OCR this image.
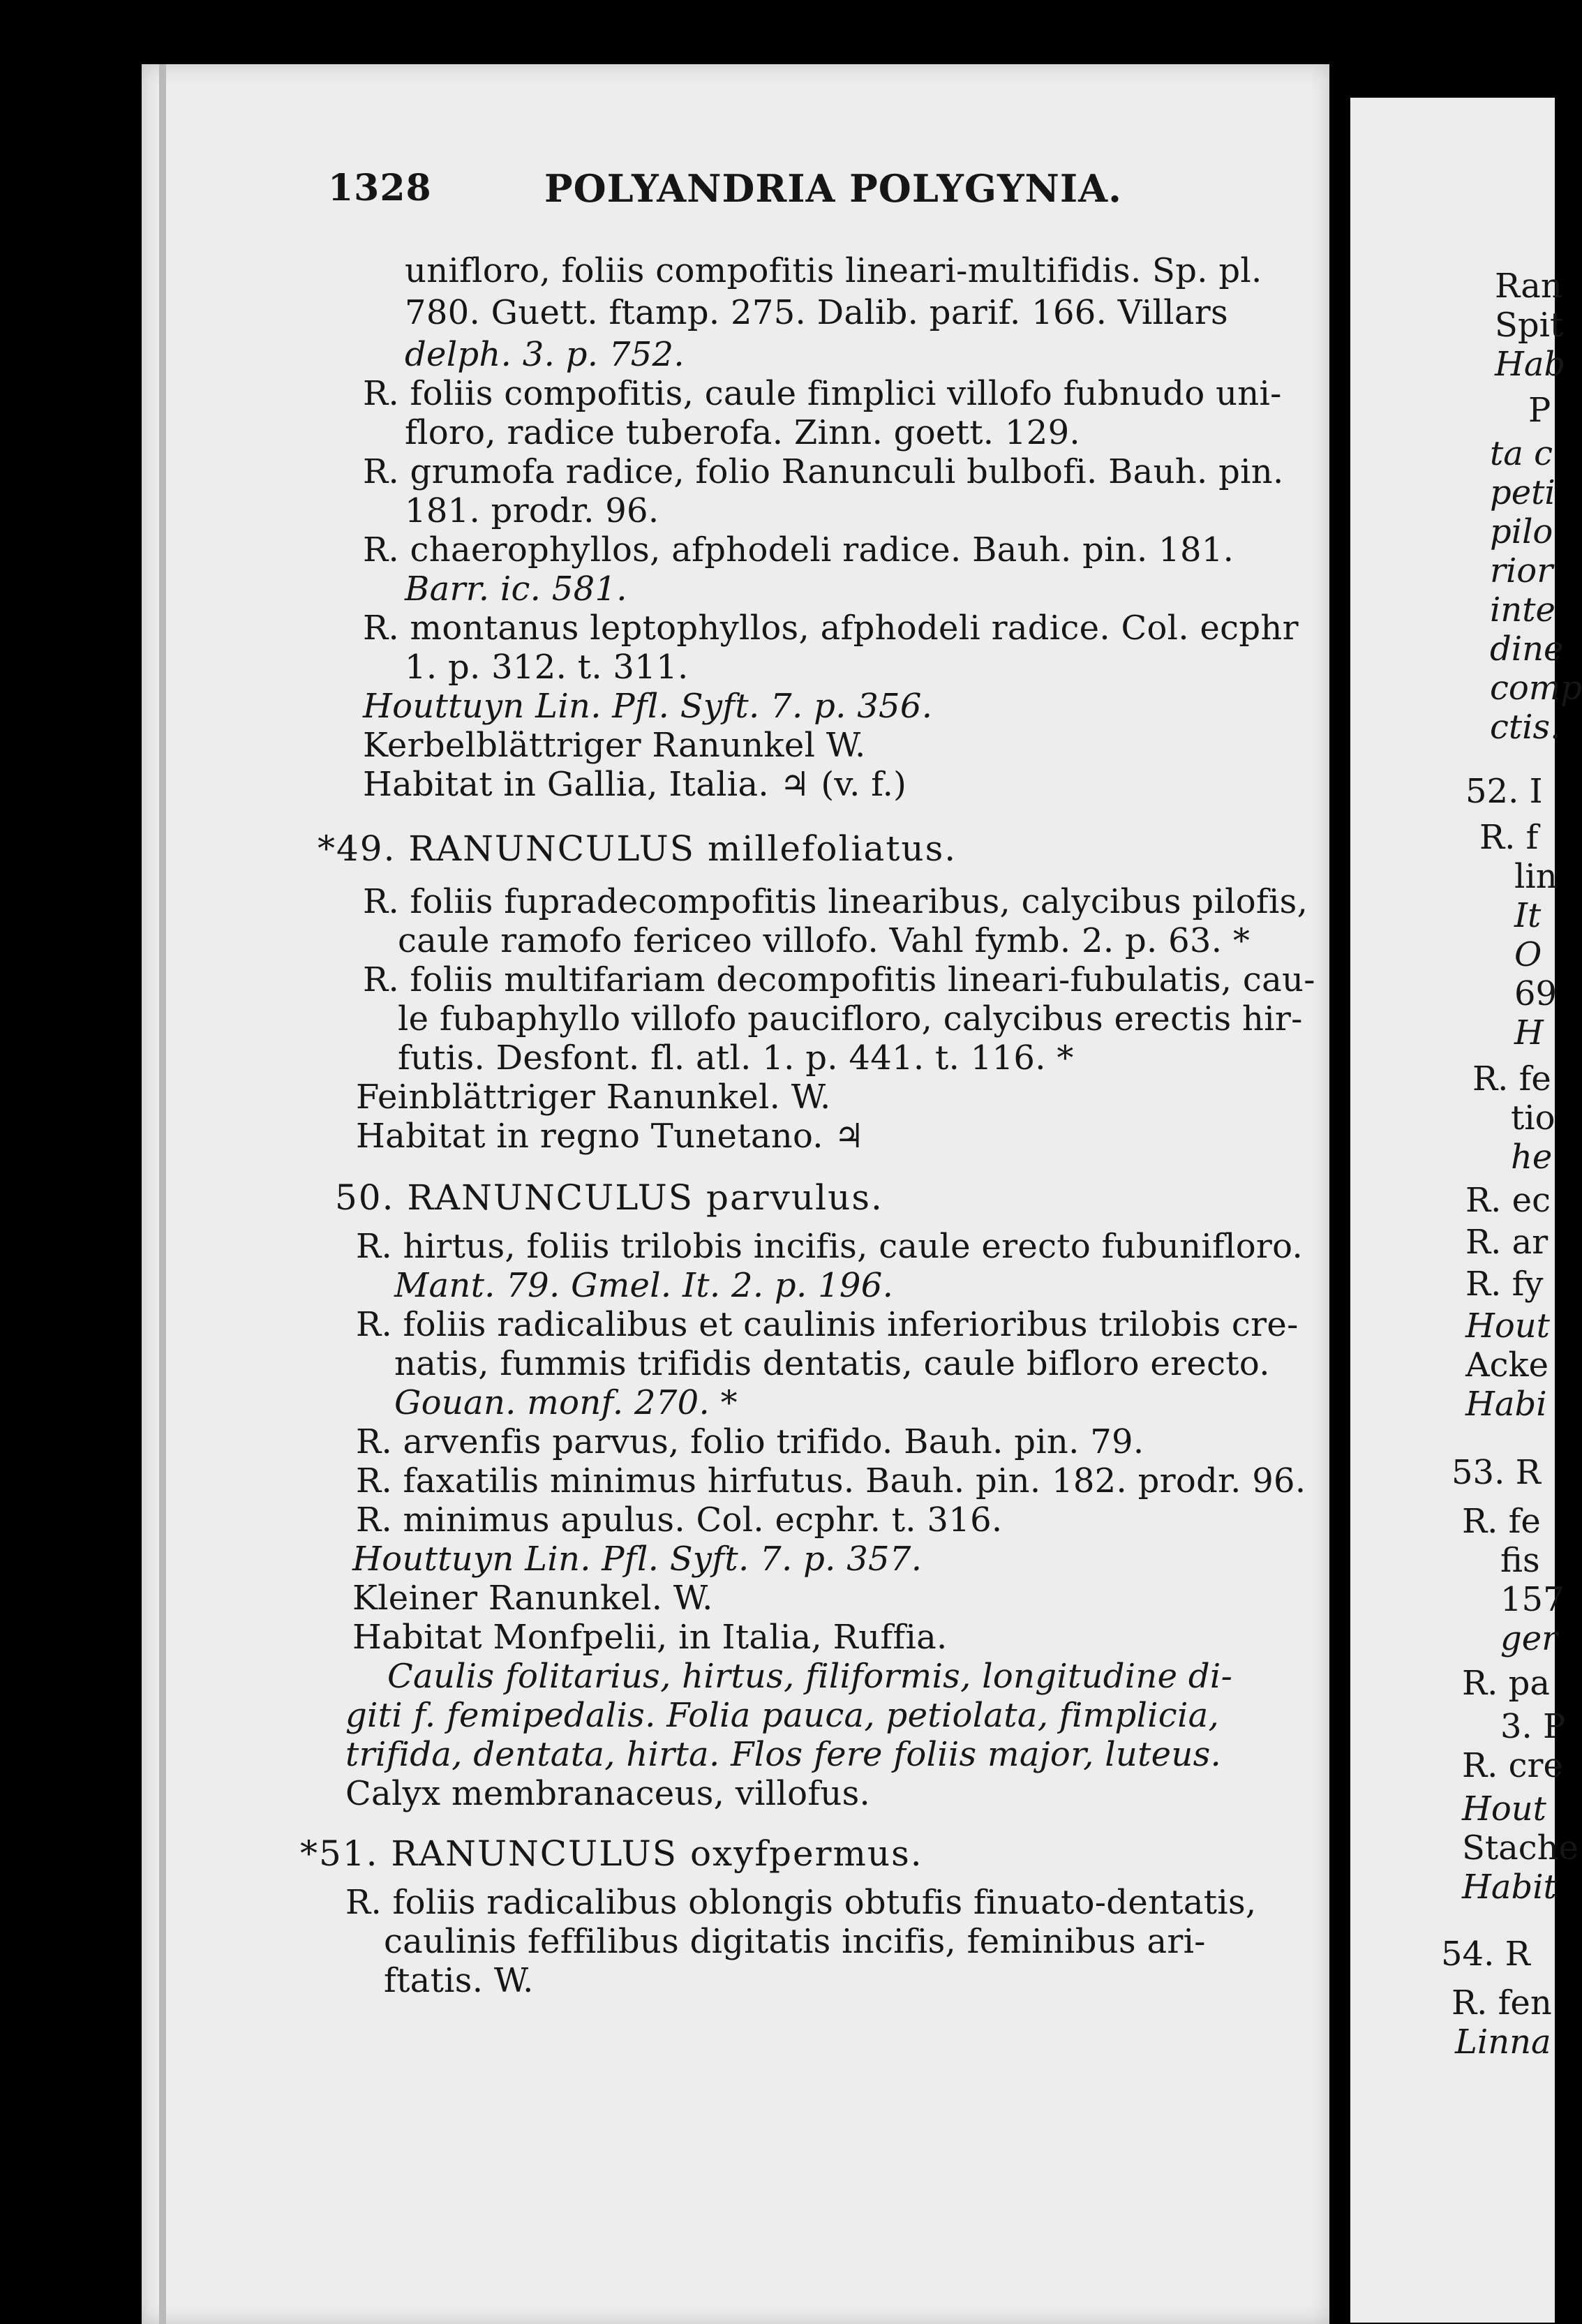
1328	POLYANDRIA POLYGYNIA.
unifloro, foliis compofitis lineari-multifidis. Sp. pl.
780. Guett. ftamp. 275. Dalib. parif. 166. Villars
delph. 3. p. 752.
R. foliis compofitis, caule fimplici villofo fubnudo uni-
floro, radice tuberofa. Zinn. goett. 129.
R. grumofa radice, folio Ranunculi bulbofi. Bauh. pin.
181. prodr. 96.
R. chaerophyllos, afphodeli radice. Bauh. pin. 181.
Barr. ic. 581.
R. montanus leptophyllos, afphodeli radice. Col. ecphr
1. p. 312. t. 311.
Houttuyn Lin. Pfl. Syft. 7. p. 356.
Kerbelblättriger Ranunkel W.
Habitat in Gallia, Italia. ♃ (v. f.)
*49. RANUNCULUS millefoliatus.
R. foliis fupradecompofitis linearibus, calycibus pilofis,
caule ramofo fericeo villofo. Vahl fymb. 2. p. 63. *
R. foliis multifariam decompofitis lineari-fubulatis, cau-
le fubaphyllo villofo paucifloro, calycibus erectis hir-
futis. Desfont. fl. atl. 1. p. 441. t. 116. *
Feinblättriger Ranunkel. W.
Habitat in regno Tunetano. ♃
50. RANUNCULUS parvulus.
R. hirtus, foliis trilobis incifis, caule erecto fubunifloro.
Mant. 79. Gmel. It. 2. p. 196.
R. foliis radicalibus et caulinis inferioribus trilobis cre-
natis, fummis trifidis dentatis, caule bifloro erecto.
Gouan. monf. 270. *
R. arvenfis parvus, folio trifido. Bauh. pin. 79.
R. faxatilis minimus hirfutus. Bauh. pin. 182. prodr. 96.
R. minimus apulus. Col. ecphr. t. 316.
Houttuyn Lin. Pfl. Syft. 7. p. 357.
Kleiner Ranunkel. W.
Habitat Monfpelii, in Italia, Ruffia.
Caulis folitarius, hirtus, filiformis, longitudine di-
giti f. femipedalis. Folia pauca, petiolata, fimplicia,
trifida, dentata, hirta. Flos fere foliis major, luteus.
Calyx membranaceus, villofus.
*51. RANUNCULUS oxyfpermus.
R. foliis radicalibus oblongis obtufis finuato-dentatis,
caulinis feffilibus digitatis incifis, feminibus ari-
ftatis. W.
Ran
Spit
Hab
P
ta c
peti
pilo
rior
inte
dine
comp
ctis.
52. I
R. f
lin
It
O
69
H
R. fe
tio
he
R. ec
R. ar
R. fy
Hout
Acke
Habi
53. R
R. fe
fis
157
ger
R. pa
3. P
R. cre
Hout
Stache
Habit
54. R
R. fen
Linna
